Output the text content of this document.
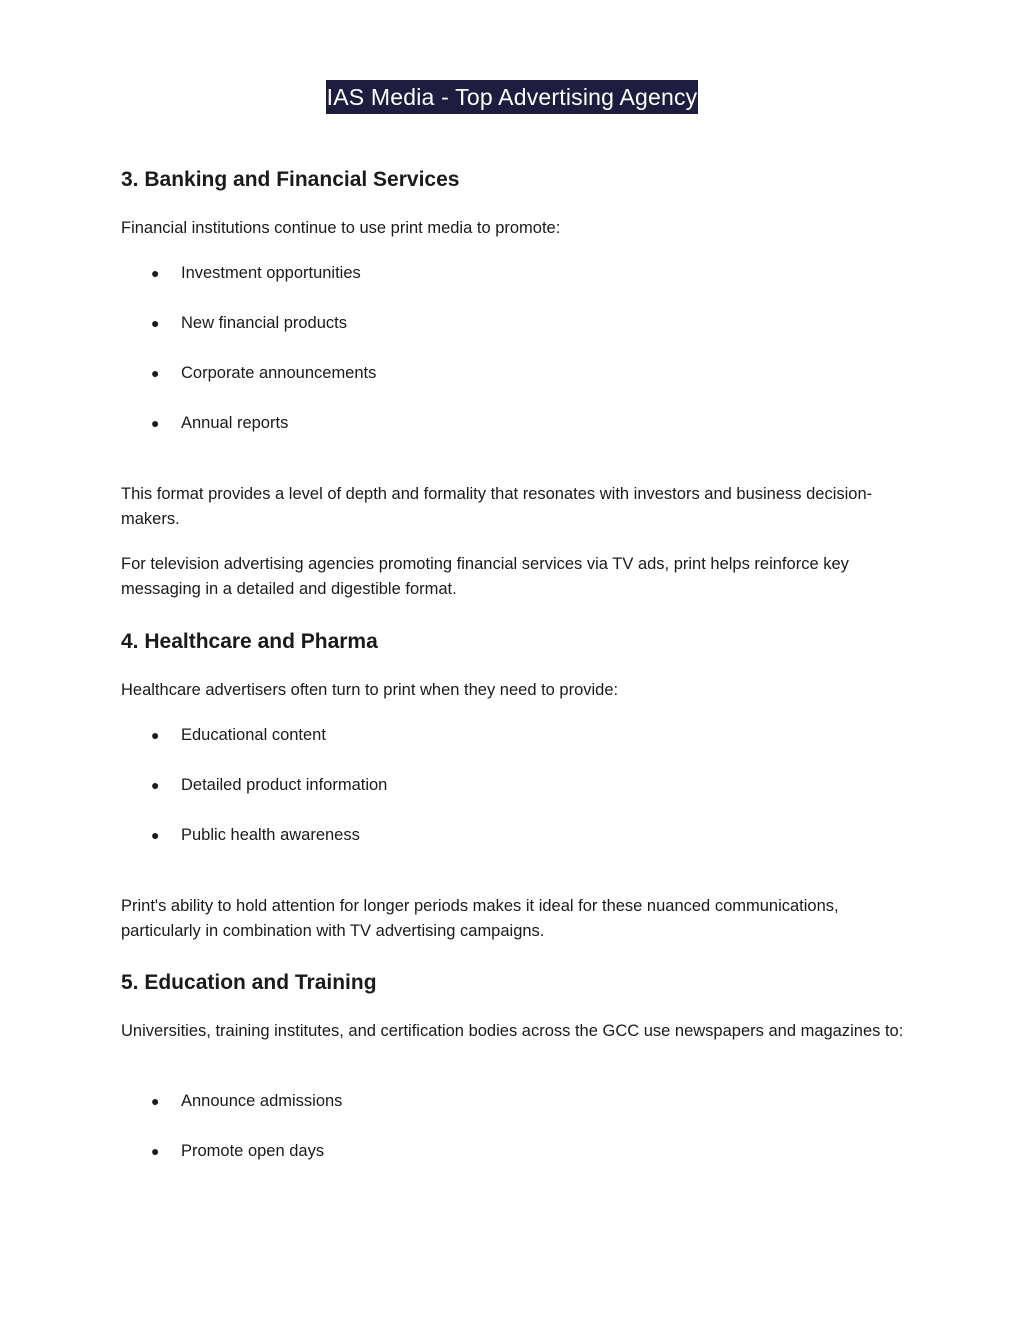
IAS Media - Top Advertising Agency
3. Banking and Financial Services

Financial institutions continue to use print media to promote:

● Investment opportunities
● New financial products
● Corporate announcements
● Annual reports

This format provides a level of depth and formality that resonates with investors and business decision-makers.

For television advertising agencies promoting financial services via TV ads, print helps reinforce key messaging in a detailed and digestible format.

4. Healthcare and Pharma

Healthcare advertisers often turn to print when they need to provide:

● Educational content
● Detailed product information
● Public health awareness

Print's ability to hold attention for longer periods makes it ideal for these nuanced communications, particularly in combination with TV advertising campaigns.

5. Education and Training

Universities, training institutes, and certification bodies across the GCC use newspapers and magazines to:

● Announce admissions
● Promote open days
